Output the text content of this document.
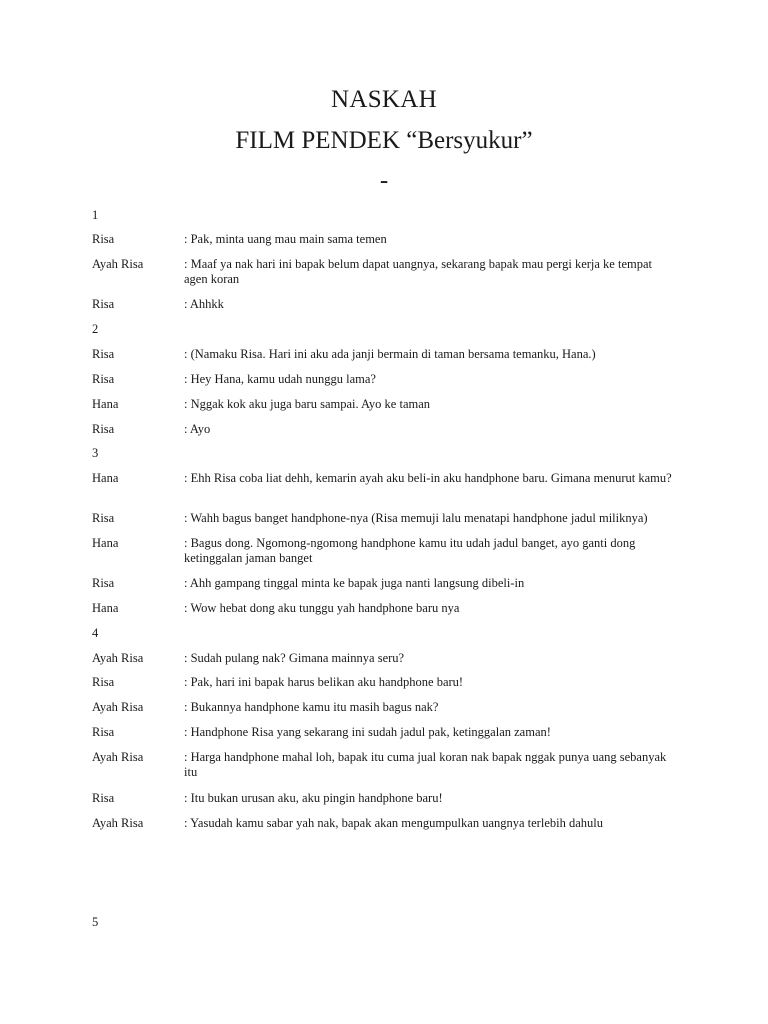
NASKAH
FILM PENDEK “Bersyukur”
-
1
Risa	: Pak, minta uang mau main sama temen
Ayah Risa	: Maaf ya nak hari ini bapak belum dapat uangnya, sekarang bapak mau pergi kerja ke tempat agen koran
Risa	: Ahhkk
2
Risa	: (Namaku Risa. Hari ini aku ada janji bermain di taman bersama temanku, Hana.)
Risa	: Hey Hana, kamu udah nunggu lama?
Hana	: Nggak kok aku juga baru sampai. Ayo ke taman
Risa	: Ayo
3
Hana	: Ehh Risa coba liat dehh, kemarin ayah aku beli-in aku handphone baru. Gimana menurut kamu?
Risa	: Wahh bagus banget handphone-nya (Risa memuji lalu menatapi handphone jadul miliknya)
Hana	: Bagus dong. Ngomong-ngomong handphone kamu itu udah jadul banget, ayo ganti dong ketinggalan jaman banget
Risa	: Ahh gampang tinggal minta ke bapak juga nanti langsung dibeli-in
Hana	: Wow hebat dong aku tunggu yah handphone baru nya
4
Ayah Risa	: Sudah pulang nak? Gimana mainnya seru?
Risa	: Pak, hari ini bapak harus belikan aku handphone baru!
Ayah Risa	: Bukannya handphone kamu itu masih bagus nak?
Risa	: Handphone Risa yang sekarang ini sudah jadul pak, ketinggalan zaman!
Ayah Risa	: Harga handphone mahal loh, bapak itu cuma jual koran nak bapak nggak punya uang sebanyak itu
Risa	: Itu bukan urusan aku, aku pingin handphone baru!
Ayah Risa	: Yasudah kamu sabar yah nak, bapak akan mengumpulkan uangnya terlebih dahulu
5
